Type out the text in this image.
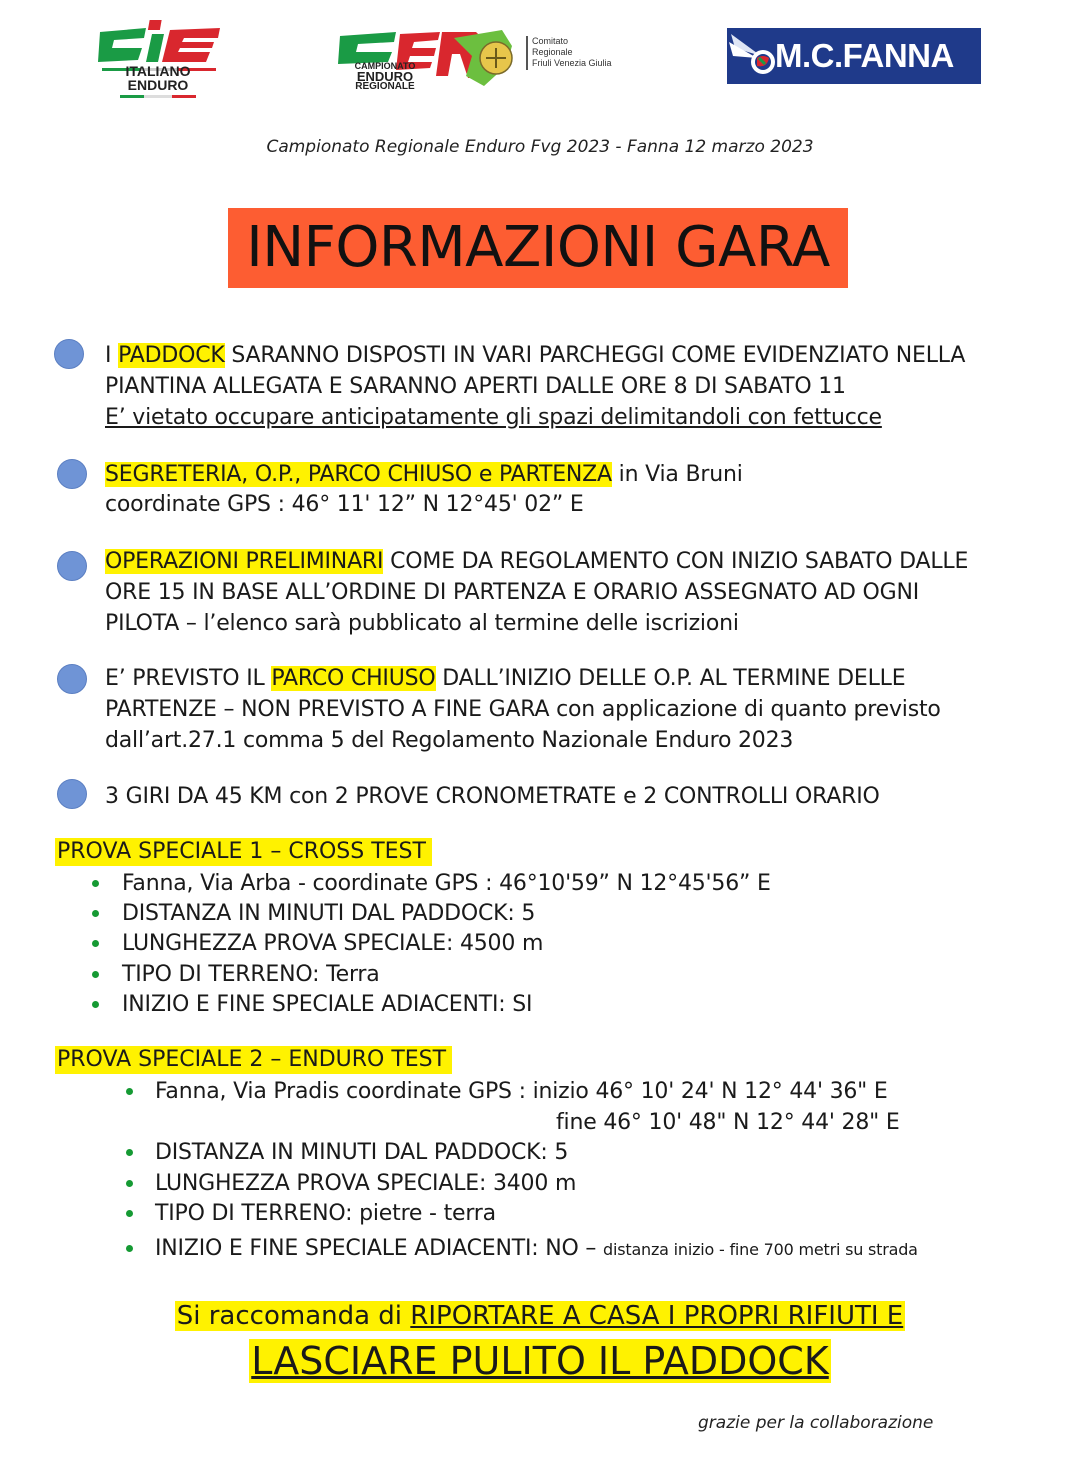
ITALIANO
ENDURO
CAMPIONATO
ENDURO
REGIONALE
Comitato
Regionale
Friuli Venezia Giulia	M.C.FANNA
Campionato Regionale Enduro Fvg 2023 - Fanna 12 marzo 2023
INFORMAZIONI GARA
I PADDOCK SARANNO DISPOSTI IN VARI PARCHEGGI COME EVIDENZIATO NELLA
PIANTINA ALLEGATA E SARANNO APERTI DALLE ORE 8 DI SABATO 11
E’ vietato occupare anticipatamente gli spazi delimitandoli con fettucce
SEGRETERIA, O.P., PARCO CHIUSO e PARTENZA in Via Bruni
coordinate GPS : 46° 11' 12” N 12°45' 02” E
OPERAZIONI PRELIMINARI COME DA REGOLAMENTO CON INIZIO SABATO DALLE
ORE 15 IN BASE ALL’ORDINE DI PARTENZA E ORARIO ASSEGNATO AD OGNI
PILOTA – l’elenco sarà pubblicato al termine delle iscrizioni
E’ PREVISTO IL PARCO CHIUSO DALL’INIZIO DELLE O.P. AL TERMINE DELLE
PARTENZE – NON PREVISTO A FINE GARA con applicazione di quanto previsto
dall’art.27.1 comma 5 del Regolamento Nazionale Enduro 2023
3 GIRI DA 45 KM con 2 PROVE CRONOMETRATE e 2 CONTROLLI ORARIO
PROVA SPECIALE 1 – CROSS TEST
Fanna, Via Arba - coordinate GPS : 46°10'59” N 12°45'56” E
DISTANZA IN MINUTI DAL PADDOCK: 5
LUNGHEZZA PROVA SPECIALE: 4500 m
TIPO DI TERRENO: Terra
INIZIO E FINE SPECIALE ADIACENTI: SI
PROVA SPECIALE 2 – ENDURO TEST
Fanna, Via Pradis coordinate GPS : inizio 46° 10' 24' N 12° 44' 36" E
fine 46° 10' 48" N 12° 44' 28" E
DISTANZA IN MINUTI DAL PADDOCK: 5
LUNGHEZZA PROVA SPECIALE: 3400 m
TIPO DI TERRENO: pietre - terra
INIZIO E FINE SPECIALE ADIACENTI: NO – distanza inizio - fine 700 metri su strada
Si raccomanda di RIPORTARE A CASA I PROPRI RIFIUTI E
LASCIARE PULITO IL PADDOCK
grazie per la collaborazione
